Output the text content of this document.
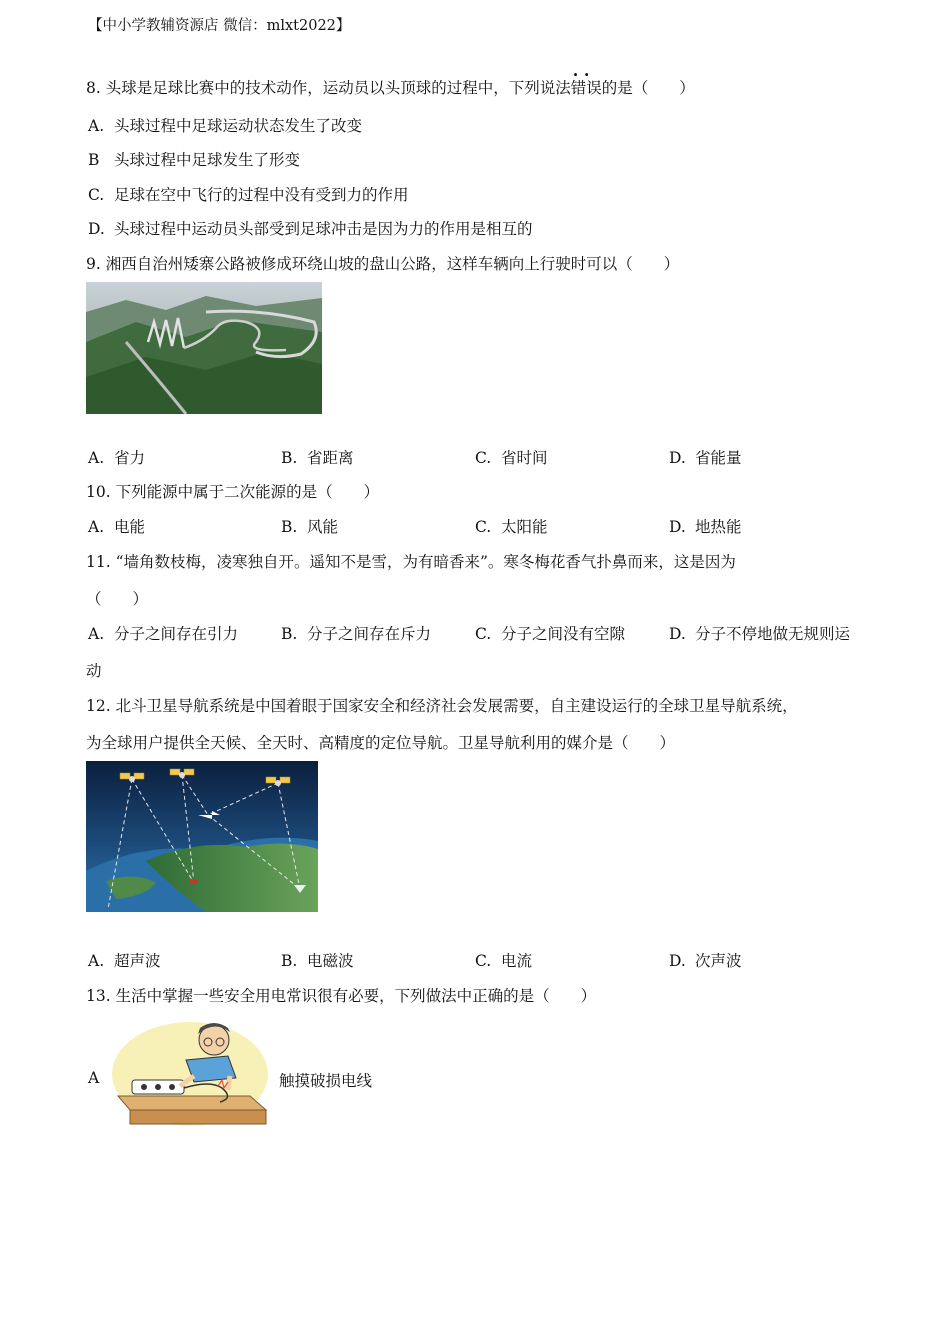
【中小学教辅资源店 微信：mlxt2022】
8. 头球是足球比赛中的技术动作，运动员以头顶球的过程中，下列说法· · 错误的是（　　）
A. 头球过程中足球运动状态发生了改变
B 头球过程中足球发生了形变
C. 足球在空中飞行的过程中没有受到力的作用
D. 头球过程中运动员头部受到足球冲击是因为力的作用是相互的
9. 湘西自治州矮寨公路被修成环绕山坡的盘山公路，这样车辆向上行驶时可以（　　）
A. 省力	B. 省距离	C. 省时间	D. 省能量
10. 下列能源中属于二次能源的是（　　）
A. 电能	B. 风能	C. 太阳能	D. 地热能
11. “墙角数枝梅，凌寒独自开。遥知不是雪，为有暗香来”。寒冬梅花香气扑鼻而来，这是因为
（　　）
A. 分子之间存在引力	B. 分子之间存在斥力	C. 分子之间没有空隙	D. 分子不停地做无规则运
动
12. 北斗卫星导航系统是中国着眼于国家安全和经济社会发展需要，自主建设运行的全球卫星导航系统，
为全球用户提供全天候、全天时、高精度的定位导航。卫星导航利用的媒介是（　　）
A. 超声波	B. 电磁波	C. 电流	D. 次声波
13. 生活中掌握一些安全用电常识很有必要，下列做法中正确的是（　　）
A	触摸破损电线
